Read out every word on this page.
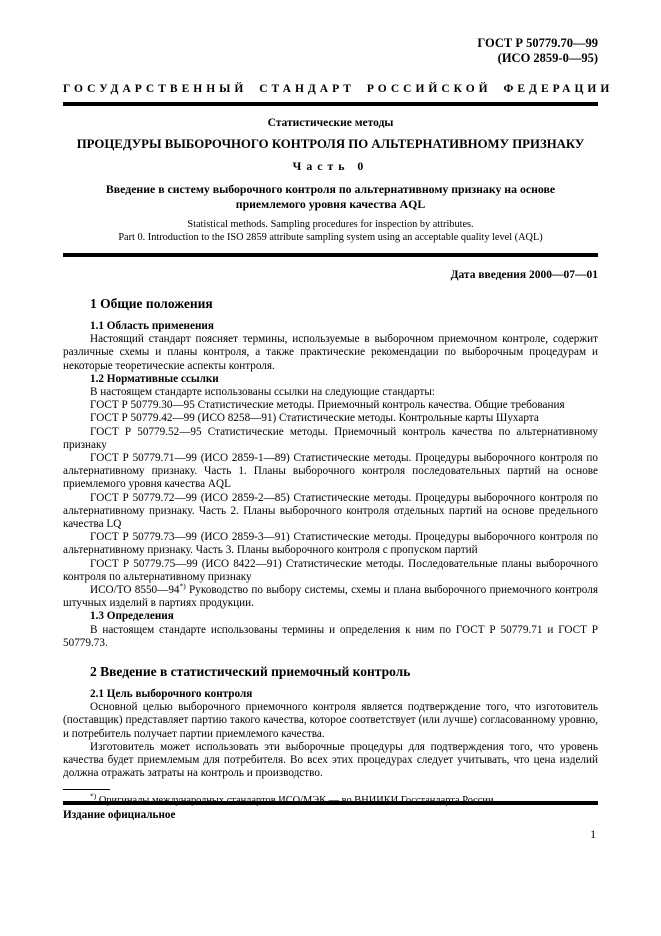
ГОСТ Р 50779.70—99
(ИСО 2859-0—95)
ГОСУДАРСТВЕННЫЙ СТАНДАРТ РОССИЙСКОЙ ФЕДЕРАЦИИ
Статистические методы
ПРОЦЕДУРЫ ВЫБОРОЧНОГО КОНТРОЛЯ ПО АЛЬТЕРНАТИВНОМУ ПРИЗНАКУ
Часть 0
Введение в систему выборочного контроля по альтернативному признаку на основе приемлемого уровня качества AQL
Statistical methods. Sampling procedures for inspection by attributes.
Part 0. Introduction to the ISO 2859 attribute sampling system using an acceptable quality level (AQL)
Дата введения 2000—07—01
1 Общие положения
1.1 Область применения

Настоящий стандарт поясняет термины, используемые в выборочном приемочном контроле, содержит различные схемы и планы контроля, а также практические рекомендации по выборочным процедурам и некоторые теоретические аспекты контроля.

1.2 Нормативные ссылки

В настоящем стандарте использованы ссылки на следующие стандарты:

ГОСТ Р 50779.30—95 Статистические методы. Приемочный контроль качества. Общие требования

ГОСТ Р 50779.42—99 (ИСО 8258—91) Статистические методы. Контрольные карты Шухарта

ГОСТ Р 50779.52—95 Статистические методы. Приемочный контроль качества по альтернативному признаку

ГОСТ Р 50779.71—99 (ИСО 2859-1—89) Статистические методы. Процедуры выборочного контроля по альтернативному признаку. Часть 1. Планы выборочного контроля последовательных партий на основе приемлемого уровня качества AQL

ГОСТ Р 50779.72—99 (ИСО 2859-2—85) Статистические методы. Процедуры выборочного контроля по альтернативному признаку. Часть 2. Планы выборочного контроля отдельных партий на основе предельного качества LQ

ГОСТ Р 50779.73—99 (ИСО 2859-3—91) Статистические методы. Процедуры выборочного контроля по альтернативному признаку. Часть 3. Планы выборочного контроля с пропуском партий

ГОСТ Р 50779.75—99 (ИСО 8422—91) Статистические методы. Последовательные планы выборочного контроля по альтернативному признаку

ИСО/ТО 8550—94*) Руководство по выбору системы, схемы и плана выборочного приемочного контроля штучных изделий в партиях продукции.

1.3 Определения

В настоящем стандарте использованы термины и определения к ним по ГОСТ Р 50779.71 и ГОСТ Р 50779.73.

2 Введение в статистический приемочный контроль
2.1 Цель выборочного контроля

Основной целью выборочного приемочного контроля является подтверждение того, что изготовитель (поставщик) представляет партию такого качества, которое соответствует (или лучше) согласованному уровню, и потребитель получает партии приемлемого качества.

Изготовитель может использовать эти выборочные процедуры для подтверждения того, что уровень качества будет приемлемым для потребителя. Во всех этих процедурах следует учитывать, что цена изделий должна отражать затраты на контроль и производство.

*) Оригиналы международных стандартов ИСО/МЭК — во ВНИИКИ Госстандарта России.

Издание официальное
1
